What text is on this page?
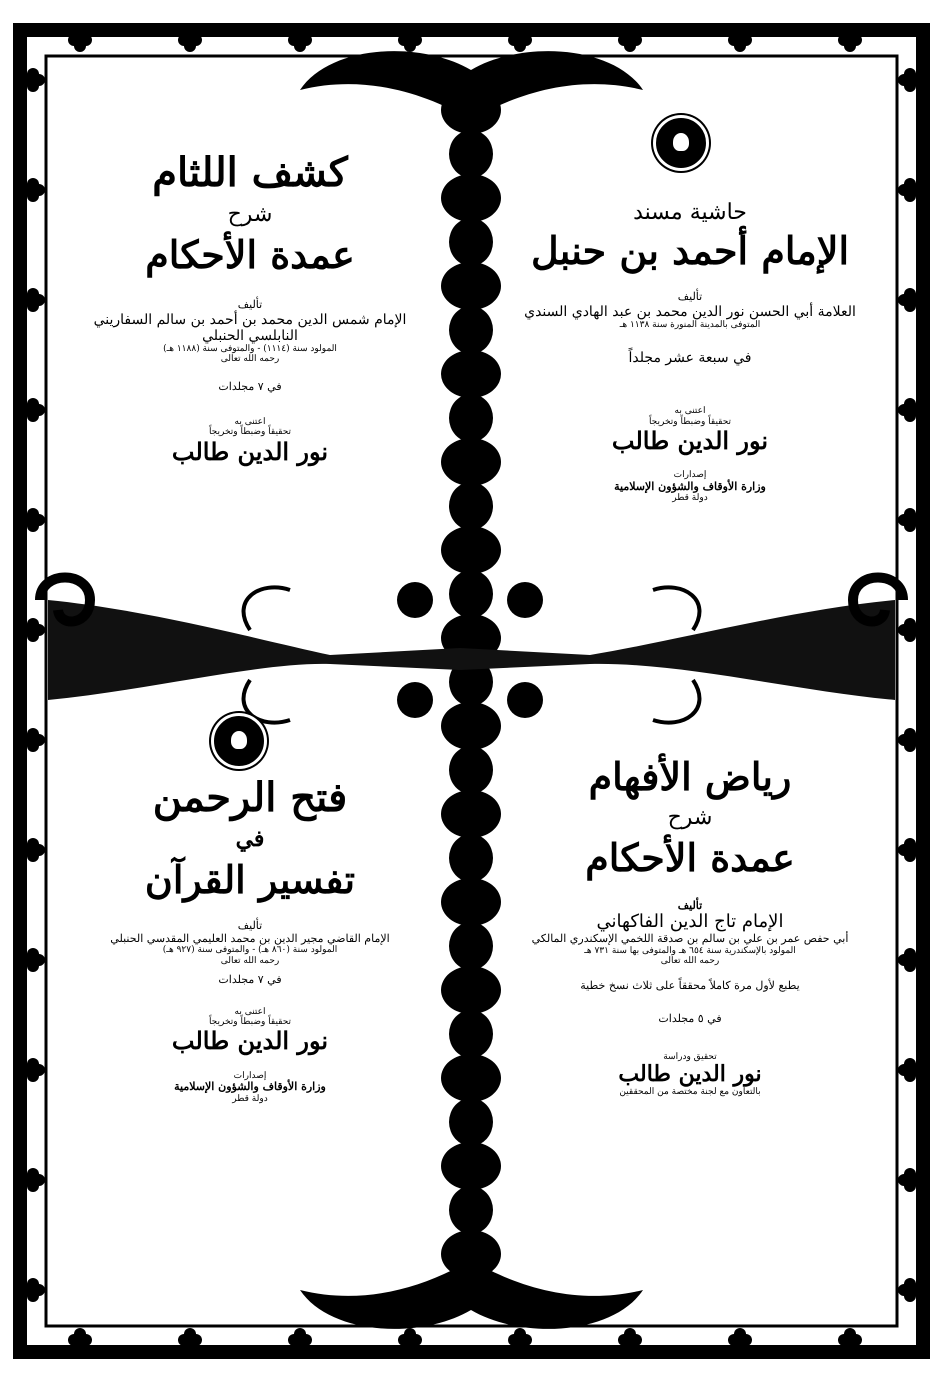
حاشية مسند
الإمام أحمد بن حنبل
تأليف
العلامة أبي الحسن نور الدين محمد بن عبد الهادي السندي
المتوفى بالمدينة المنورة سنة ١١٣٨ هـ
في سبعة عشر مجلداً
اعتنى به
تحقيقاً وضبطاً وتخريجاً
نور الدين طالب
إصدارات
وزارة الأوقاف والشؤون الإسلامية
دولة قطر
كشف اللثام
شرح
عمدة الأحكام
تأليف
الإمام شمس الدين محمد بن أحمد بن سالم السفاريني
النابلسي الحنبلي
المولود سنة (١١١٤) - والمتوفى سنة (١١٨٨ هـ)
رحمه الله تعالى
في ٧ مجلدات
اعتنى به
تحقيقاً وضبطاً وتخريجاً
نور الدين طالب
رياض الأفهام
شرح
عمدة الأحكام
تأليف
الإمام تاج الدين الفاكهاني
أبي حفص عمر بن علي بن سالم بن صدقة اللخمي الإسكندري المالكي
المولود بالإسكندرية سنة ٦٥٤ هـ والمتوفى بها سنة ٧٣١ هـ
رحمه الله تعالى
يطبع لأول مرة كاملاً محققاً على ثلاث نسخ خطية
في ٥ مجلدات
تحقيق ودراسة
نور الدين طالب
بالتعاون مع لجنة مختصة من المحققين
فتح الرحمن
في
تفسير القرآن
تأليف
الإمام القاضي مجير الدين بن محمد العليمي المقدسي الحنبلي
المولود سنة (٨٦٠ هـ) - والمتوفى سنة (٩٢٧ هـ)
رحمه الله تعالى
في ٧ مجلدات
اعتنى به
تحقيقاً وضبطاً وتخريجاً
نور الدين طالب
إصدارات
وزارة الأوقاف والشؤون الإسلامية
دولة قطر
